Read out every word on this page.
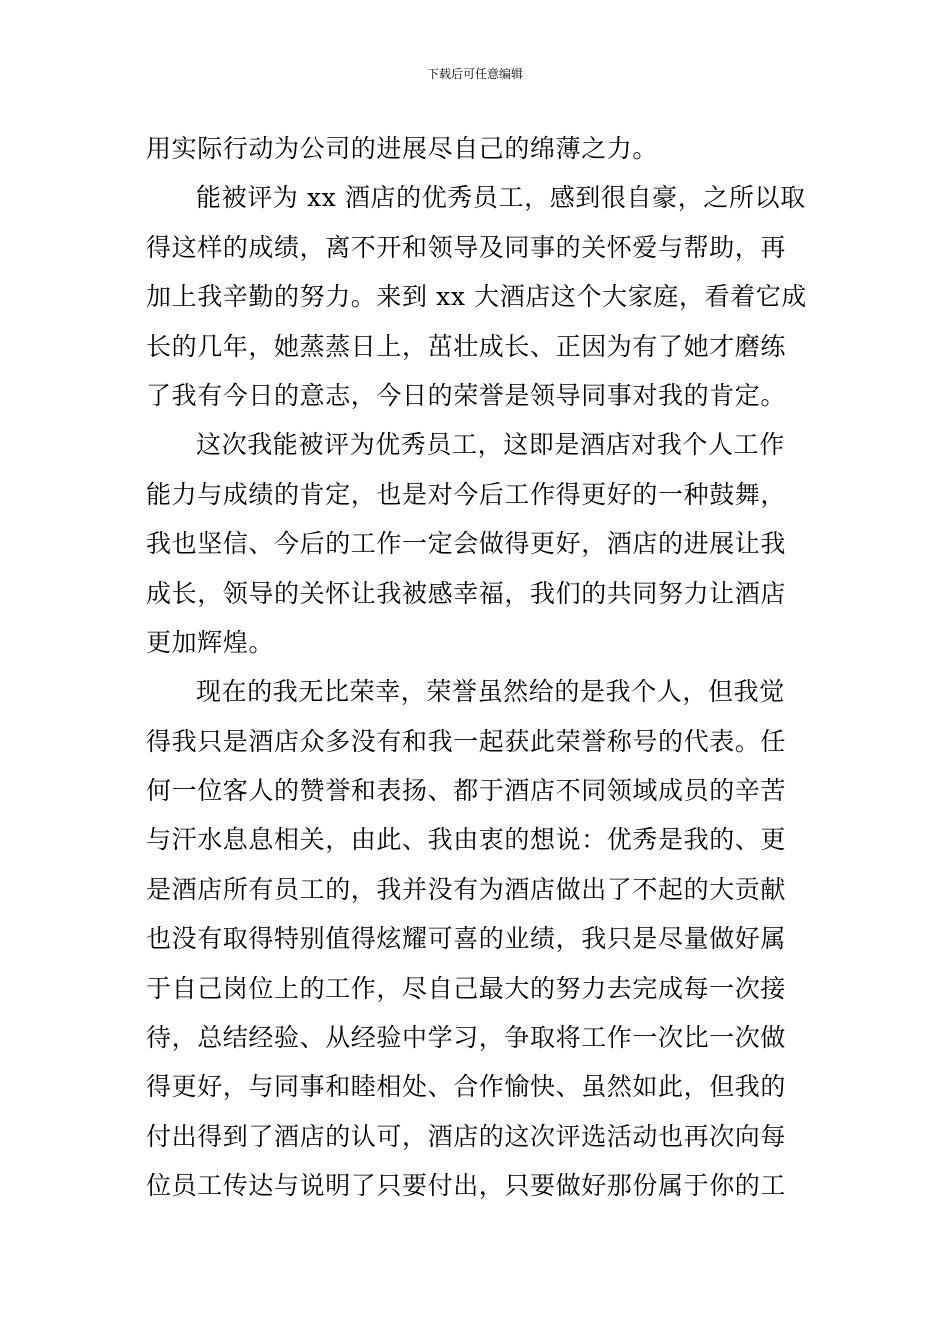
下载后可任意编辑
用实际行动为公司的进展尽自己的绵薄之力。
能被评为 xx 酒店的优秀员工，感到很自豪，之所以取
得这样的成绩，离不开和领导及同事的关怀爱与帮助，再
加上我辛勤的努力。来到 xx 大酒店这个大家庭，看着它成
长的几年，她蒸蒸日上，茁壮成长、正因为有了她才磨练
了我有今日的意志，今日的荣誉是领导同事对我的肯定。
这次我能被评为优秀员工，这即是酒店对我个人工作
能力与成绩的肯定，也是对今后工作得更好的一种鼓舞，
我也坚信、今后的工作一定会做得更好，酒店的进展让我
成长，领导的关怀让我被感幸福，我们的共同努力让酒店
更加辉煌。
现在的我无比荣幸，荣誉虽然给的是我个人，但我觉
得我只是酒店众多没有和我一起获此荣誉称号的代表。任
何一位客人的赞誉和表扬、都于酒店不同领域成员的辛苦
与汗水息息相关，由此、我由衷的想说：优秀是我的、更
是酒店所有员工的，我并没有为酒店做出了不起的大贡献
也没有取得特别值得炫耀可喜的业绩，我只是尽量做好属
于自己岗位上的工作，尽自己最大的努力去完成每一次接
待，总结经验、从经验中学习，争取将工作一次比一次做
得更好，与同事和睦相处、合作愉快、虽然如此，但我的
付出得到了酒店的认可，酒店的这次评选活动也再次向每
位员工传达与说明了只要付出，只要做好那份属于你的工
